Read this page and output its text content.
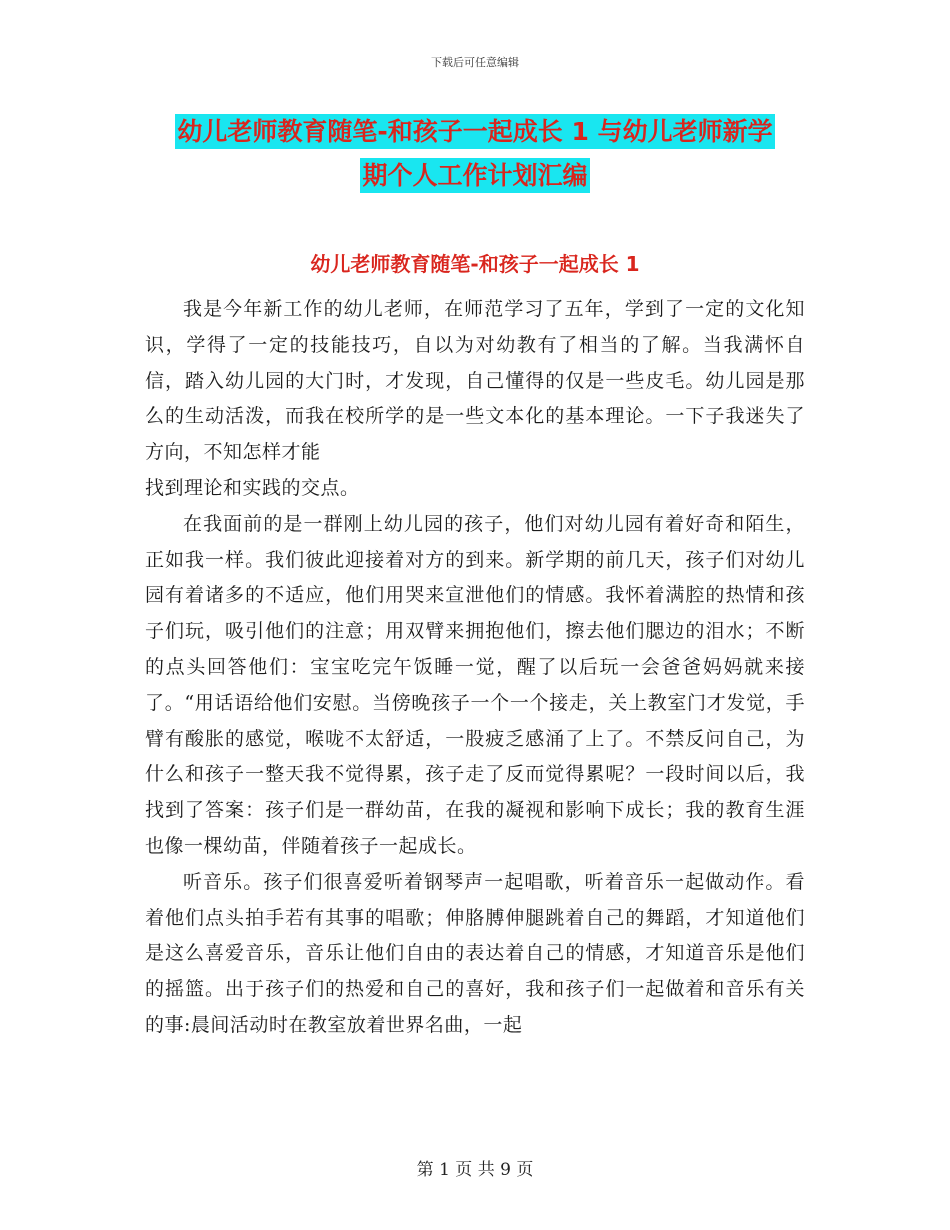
下载后可任意编辑
幼儿老师教育随笔-和孩子一起成长 1 与幼儿老师新学
期个人工作计划汇编
幼儿老师教育随笔-和孩子一起成长 1

我是今年新工作的幼儿老师，在师范学习了五年，学到了一定的文化知识，学得了一定的技能技巧，自以为对幼教有了相当的了解。当我满怀自信，踏入幼儿园的大门时，才发现，自己懂得的仅是一些皮毛。幼儿园是那么的生动活泼，而我在校所学的是一些文本化的基本理论。一下子我迷失了方向，不知怎样才能

找到理论和实践的交点。

在我面前的是一群刚上幼儿园的孩子，他们对幼儿园有着好奇和陌生，正如我一样。我们彼此迎接着对方的到来。新学期的前几天，孩子们对幼儿园有着诸多的不适应，他们用哭来宣泄他们的情感。我怀着满腔的热情和孩子们玩，吸引他们的注意；用双臂来拥抱他们，擦去他们腮边的泪水；不断的点头回答他们：宝宝吃完午饭睡一觉，醒了以后玩一会爸爸妈妈就来接了。“用话语给他们安慰。当傍晚孩子一个一个接走，关上教室门才发觉，手臂有酸胀的感觉，喉咙不太舒适，一股疲乏感涌了上了。不禁反问自己，为什么和孩子一整天我不觉得累，孩子走了反而觉得累呢？一段时间以后，我找到了答案：孩子们是一群幼苗，在我的凝视和影响下成长；我的教育生涯也像一棵幼苗，伴随着孩子一起成长。

听音乐。孩子们很喜爱听着钢琴声一起唱歌，听着音乐一起做动作。看着他们点头拍手若有其事的唱歌；伸胳膊伸腿跳着自己的舞蹈，才知道他们是这么喜爱音乐，音乐让他们自由的表达着自己的情感，才知道音乐是他们的摇篮。出于孩子们的热爱和自己的喜好，我和孩子们一起做着和音乐有关的事:晨间活动时在教室放着世界名曲，一起

第 1 页 共 9 页
